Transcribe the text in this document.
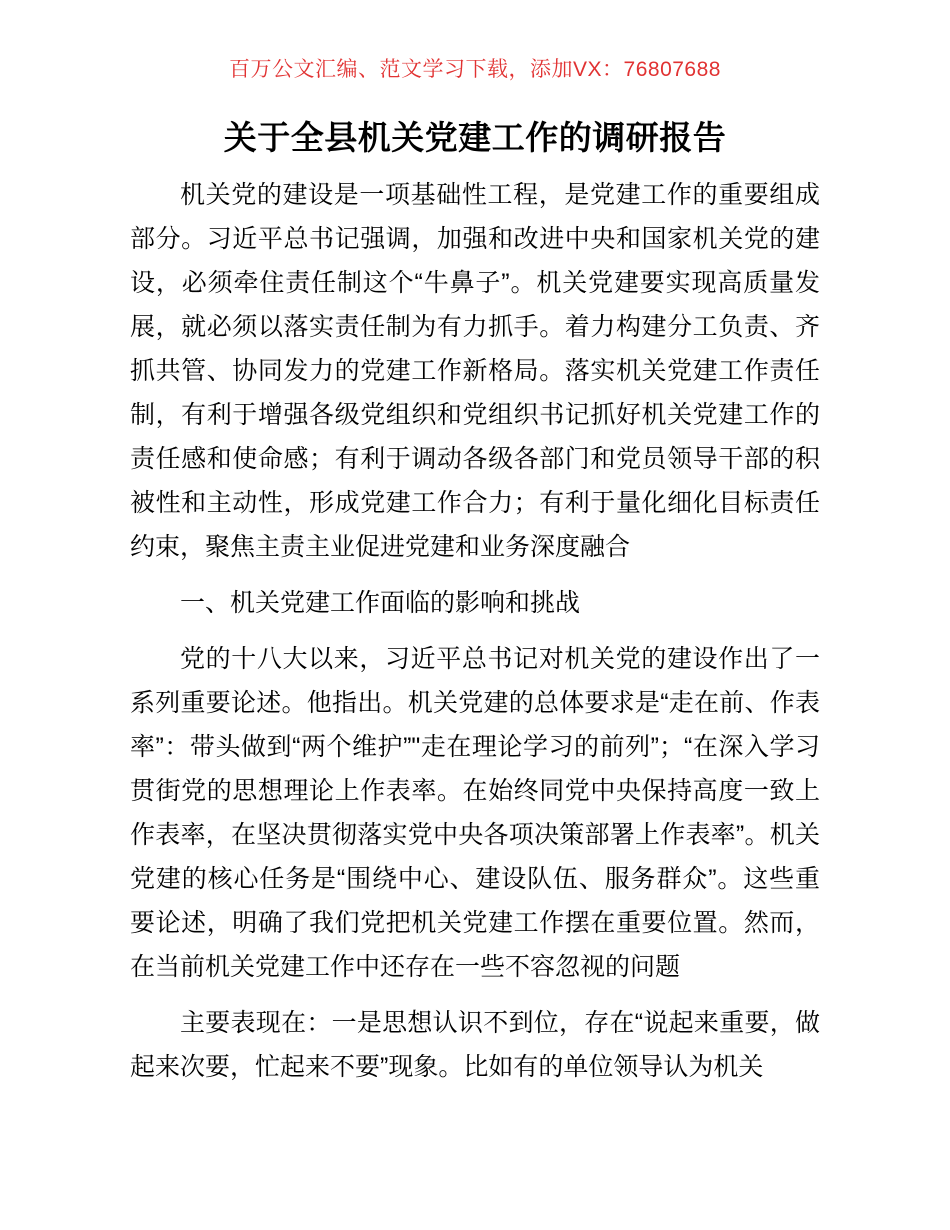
百万公文汇编、范文学习下载，添加VX：76807688
关于全县机关党建工作的调研报告

机关党的建设是一项基础性工程，是党建工作的重要组成部分。习近平总书记强调，加强和改进中央和国家机关党的建设，必须牵住责任制这个“牛鼻子”。机关党建要实现高质量发展，就必须以落实责任制为有力抓手。着力构建分工负责、齐抓共管、协同发力的党建工作新格局。落实机关党建工作责任制，有利于增强各级党组织和党组织书记抓好机关党建工作的责任感和使命感；有利于调动各级各部门和党员领导干部的积被性和主动性，形成党建工作合力；有利于量化细化目标责任约束，聚焦主责主业促进党建和业务深度融合

一、机关党建工作面临的影响和挑战

党的十八大以来，习近平总书记对机关党的建设作出了一系列重要论述。他指出。机关党建的总体要求是“走在前、作表率”：带头做到“两个维护”"走在理论学习的前列”；“在深入学习贯街党的思想理论上作表率。在始终同党中央保持高度一致上作表率，在坚决贯彻落实党中央各项决策部署上作表率”。机关党建的核心任务是“围绕中心、建设队伍、服务群众”。这些重要论述，明确了我们党把机关党建工作摆在重要位置。然而，在当前机关党建工作中还存在一些不容忽视的问题

主要表现在：一是思想认识不到位，存在“说起来重要，做起来次要，忙起来不要”现象。比如有的单位领导认为机关
